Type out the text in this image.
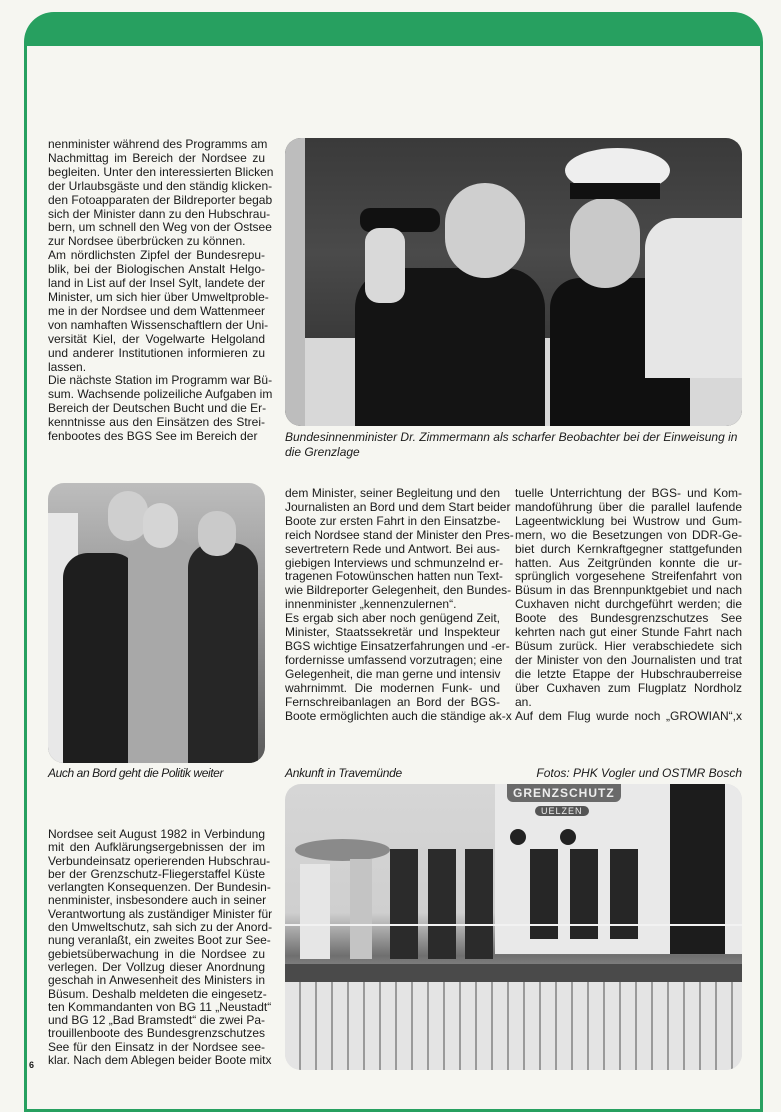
nenminister während des Programms am
Nachmittag im Bereich der Nordsee zu
begleiten. Unter den interessierten Blicken
der Urlaubsgäste und den ständig klicken-
den Fotoapparaten der Bildreporter begab
sich der Minister dann zu den Hubschrau-
bern, um schnell den Weg von der Ostsee
zur Nordsee überbrücken zu können.
Am nördlichsten Zipfel der Bundesrepu-
blik, bei der Biologischen Anstalt Helgo-
land in List auf der Insel Sylt, landete der
Minister, um sich hier über Umweltproble-
me in der Nordsee und dem Wattenmeer
von namhaften Wissenschaftlern der Uni-
versität Kiel, der Vogelwarte Helgoland
und anderer Institutionen informieren zu
lassen.
Die nächste Station im Programm war Bü-
sum. Wachsende polizeiliche Aufgaben im
Bereich der Deutschen Bucht und die Er-
kenntnisse aus den Einsätzen des Strei-
fenbootes des BGS See im Bereich der
dem Minister, seiner Begleitung und den
Journalisten an Bord und dem Start beider
Boote zur ersten Fahrt in den Einsatzbe-
reich Nordsee stand der Minister den Pres-
severtretern Rede und Antwort. Bei aus-
giebigen Interviews und schmunzelnd er-
tragenen Fotowünschen hatten nun Text-
wie Bildreporter Gelegenheit, den Bundes-
innenminister „kennenzulernen“.
Es ergab sich aber noch genügend Zeit,
Minister, Staatssekretär und Inspekteur
BGS wichtige Einsatzerfahrungen und -er-
fordernisse umfassend vorzutragen; eine
Gelegenheit, die man gerne und intensiv
wahrnimmt. Die modernen Funk- und
Fernschreibanlagen an Bord der BGS-
Boote ermöglichten auch die ständige ak-x
tuelle Unterrichtung der BGS- und Kom-
mandoführung über die parallel laufende
Lageentwicklung bei Wustrow und Gum-
mern, wo die Besetzungen von DDR-Ge-
biet durch Kernkraftgegner stattgefunden
hatten. Aus Zeitgründen konnte die ur-
sprünglich vorgesehene Streifenfahrt von
Büsum in das Brennpunktgebiet und nach
Cuxhaven nicht durchgeführt werden; die
Boote des Bundesgrenzschutzes See
kehrten nach gut einer Stunde Fahrt nach
Büsum zurück. Hier verabschiedete sich
der Minister von den Journalisten und trat
die letzte Etappe der Hubschrauberreise
über Cuxhaven zum Flugplatz Nordholz
an.
Auf dem Flug wurde noch „GROWIAN“,x
Nordsee seit August 1982 in Verbindung
mit den Aufklärungsergebnissen der im
Verbundeinsatz operierenden Hubschrau-
ber der Grenzschutz-Fliegerstaffel Küste
verlangten Konsequenzen. Der Bundesin-
nenminister, insbesondere auch in seiner
Verantwortung als zuständiger Minister für
den Umweltschutz, sah sich zu der Anord-
nung veranlaßt, ein zweites Boot zur See-
gebietsüberwachung in die Nordsee zu
verlegen. Der Vollzug dieser Anordnung
geschah in Anwesenheit des Ministers in
Büsum. Deshalb meldeten die eingesetz-
ten Kommandanten von BG 11 „Neustadt“
und BG 12 „Bad Bramstedt“ die zwei Pa-
trouillenboote des Bundesgrenzschutzes
See für den Einsatz in der Nordsee see-
klar. Nach dem Ablegen beider Boote mitx
Bundesinnenminister Dr. Zimmermann als scharfer Beobachter bei der Einweisung in die Grenzlage
Auch an Bord geht die Politik weiter	Ankunft in Travemünde	Fotos: PHK Vogler und OSTMR Bosch
GRENZSCHUTZ
UELZEN
6
